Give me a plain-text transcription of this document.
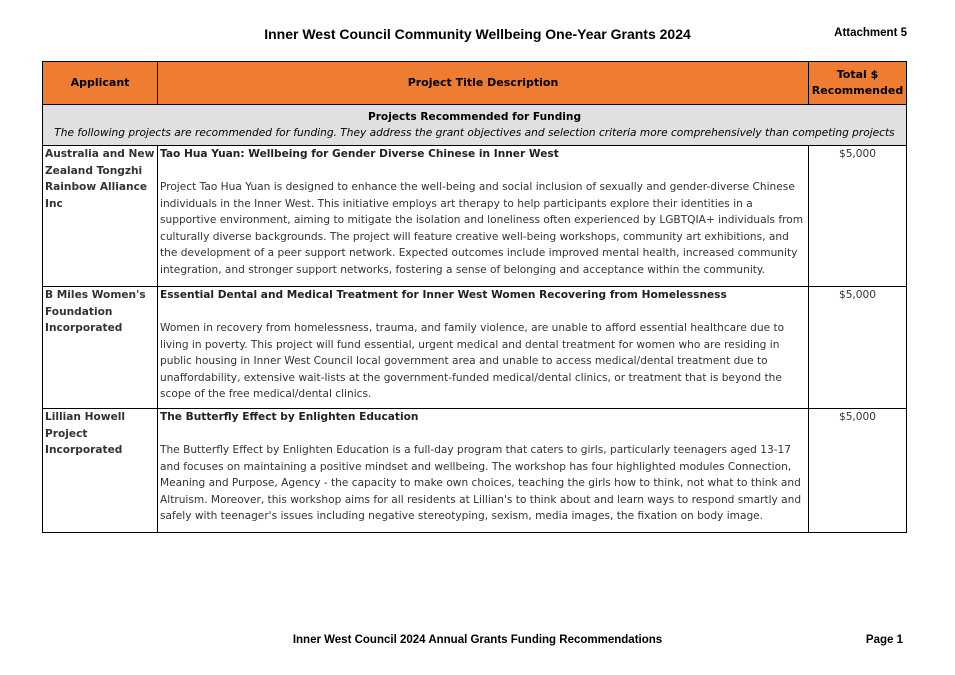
Inner West Council Community Wellbeing One-Year Grants 2024	Attachment 5
Applicant	Project Title Description	Total $ Recommended

Projects Recommended for Funding
The following projects are recommended for funding. They address the grant objectives and selection criteria more comprehensively than competing projects		

Australia and New Zealand Tongzhi Rainbow Alliance Inc	Tao Hua Yuan: Wellbeing for Gender Diverse Chinese in Inner West
Project Tao Hua Yuan is designed to enhance the well-being and social inclusion of sexually and gender-diverse Chinese individuals in the Inner West. This initiative employs art therapy to help participants explore their identities in a supportive environment, aiming to mitigate the isolation and loneliness often experienced by LGBTQIA+ individuals from culturally diverse backgrounds. The project will feature creative well-being workshops, community art exhibitions, and the development of a peer support network. Expected outcomes include improved mental health, increased community integration, and stronger support networks, fostering a sense of belonging and acceptance within the community.	$5,000
B Miles Women's Foundation Incorporated	Essential Dental and Medical Treatment for Inner West Women Recovering from Homelessness
Women in recovery from homelessness, trauma, and family violence, are unable to afford essential healthcare due to living in poverty. This project will fund essential, urgent medical and dental treatment for women who are residing in public housing in Inner West Council local government area and unable to access medical/dental treatment due to unaffordability, extensive wait-lists at the government-funded medical/dental clinics, or treatment that is beyond the scope of the free medical/dental clinics.	$5,000
Lillian Howell Project Incorporated	The Butterfly Effect by Enlighten Education
The Butterfly Effect by Enlighten Education is a full-day program that caters to girls, particularly teenagers aged 13-17 and focuses on maintaining a positive mindset and wellbeing. The workshop has four highlighted modules Connection, Meaning and Purpose, Agency - the capacity to make own choices, teaching the girls how to think, not what to think and Altruism. Moreover, this workshop aims for all residents at Lillian's to think about and learn ways to respond smartly and safely with teenager's issues including negative stereotyping, sexism, media images, the fixation on body image.	$5,000
Inner West Council 2024 Annual Grants Funding Recommendations	Page 1
